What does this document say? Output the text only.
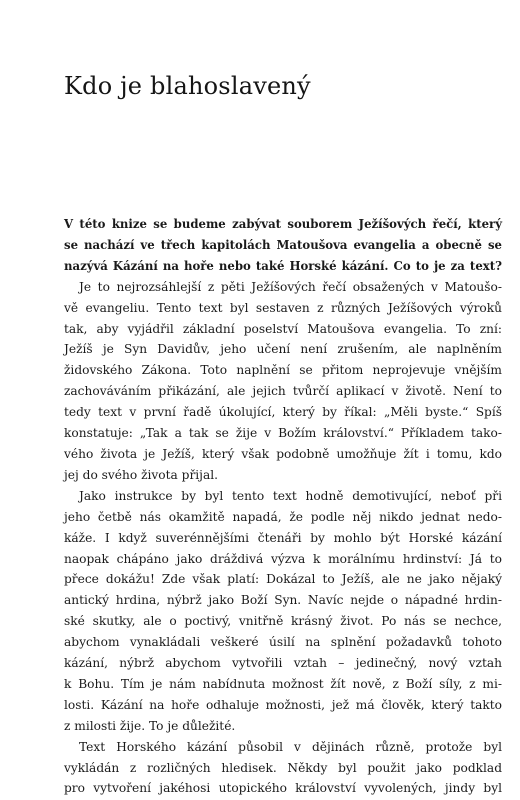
Kdo je blahoslavený
V této knize se budeme zabývat souborem Ježíšových řečí, který
se nachází ve třech kapitolách Matoušova evangelia a obecně se
nazývá Kázání na hoře nebo také Horské kázání. Co to je za text?
Je to nejrozsáhlejší z pěti Ježíšových řečí obsažených v Matoušo-
vě evangeliu. Tento text byl sestaven z různých Ježíšových výroků
tak, aby vyjádřil základní poselství Matoušova evangelia. To zní:
Ježíš je Syn Davidův, jeho učení není zrušením, ale naplněním
židovského Zákona. Toto naplnění se přitom neprojevuje vnějším
zachováváním přikázání, ale jejich tvůrčí aplikací v životě. Není to
tedy text v první řadě úkolující, který by říkal: „Měli byste.“ Spíš
konstatuje: „Tak a tak se žije v Božím království.“ Příkladem tako-
vého života je Ježíš, který však podobně umožňuje žít i tomu, kdo
jej do svého života přijal.
Jako instrukce by byl tento text hodně demotivující, neboť při
jeho četbě nás okamžitě napadá, že podle něj nikdo jednat nedo-
káže. I když suverénnějšími čtenáři by mohlo být Horské kázání
naopak chápáno jako dráždivá výzva k morálnímu hrdinství: Já to
přece dokážu! Zde však platí: Dokázal to Ježíš, ale ne jako nějaký
antický hrdina, nýbrž jako Boží Syn. Navíc nejde o nápadné hrdin-
ské skutky, ale o poctivý, vnitřně krásný život. Po nás se nechce,
abychom vynakládali veškeré úsilí na splnění požadavků tohoto
kázání, nýbrž abychom vytvořili vztah – jedinečný, nový vztah
k Bohu. Tím je nám nabídnuta možnost žít nově, z Boží síly, z mi-
losti. Kázání na hoře odhaluje možnosti, jež má člověk, který takto
z milosti žije. To je důležité.
Text Horského kázání působil v dějinách různě, protože byl
vykládán z rozličných hledisek. Někdy byl použit jako podklad
pro vytvoření jakéhosi utopického království vyvolených, jindy byl
